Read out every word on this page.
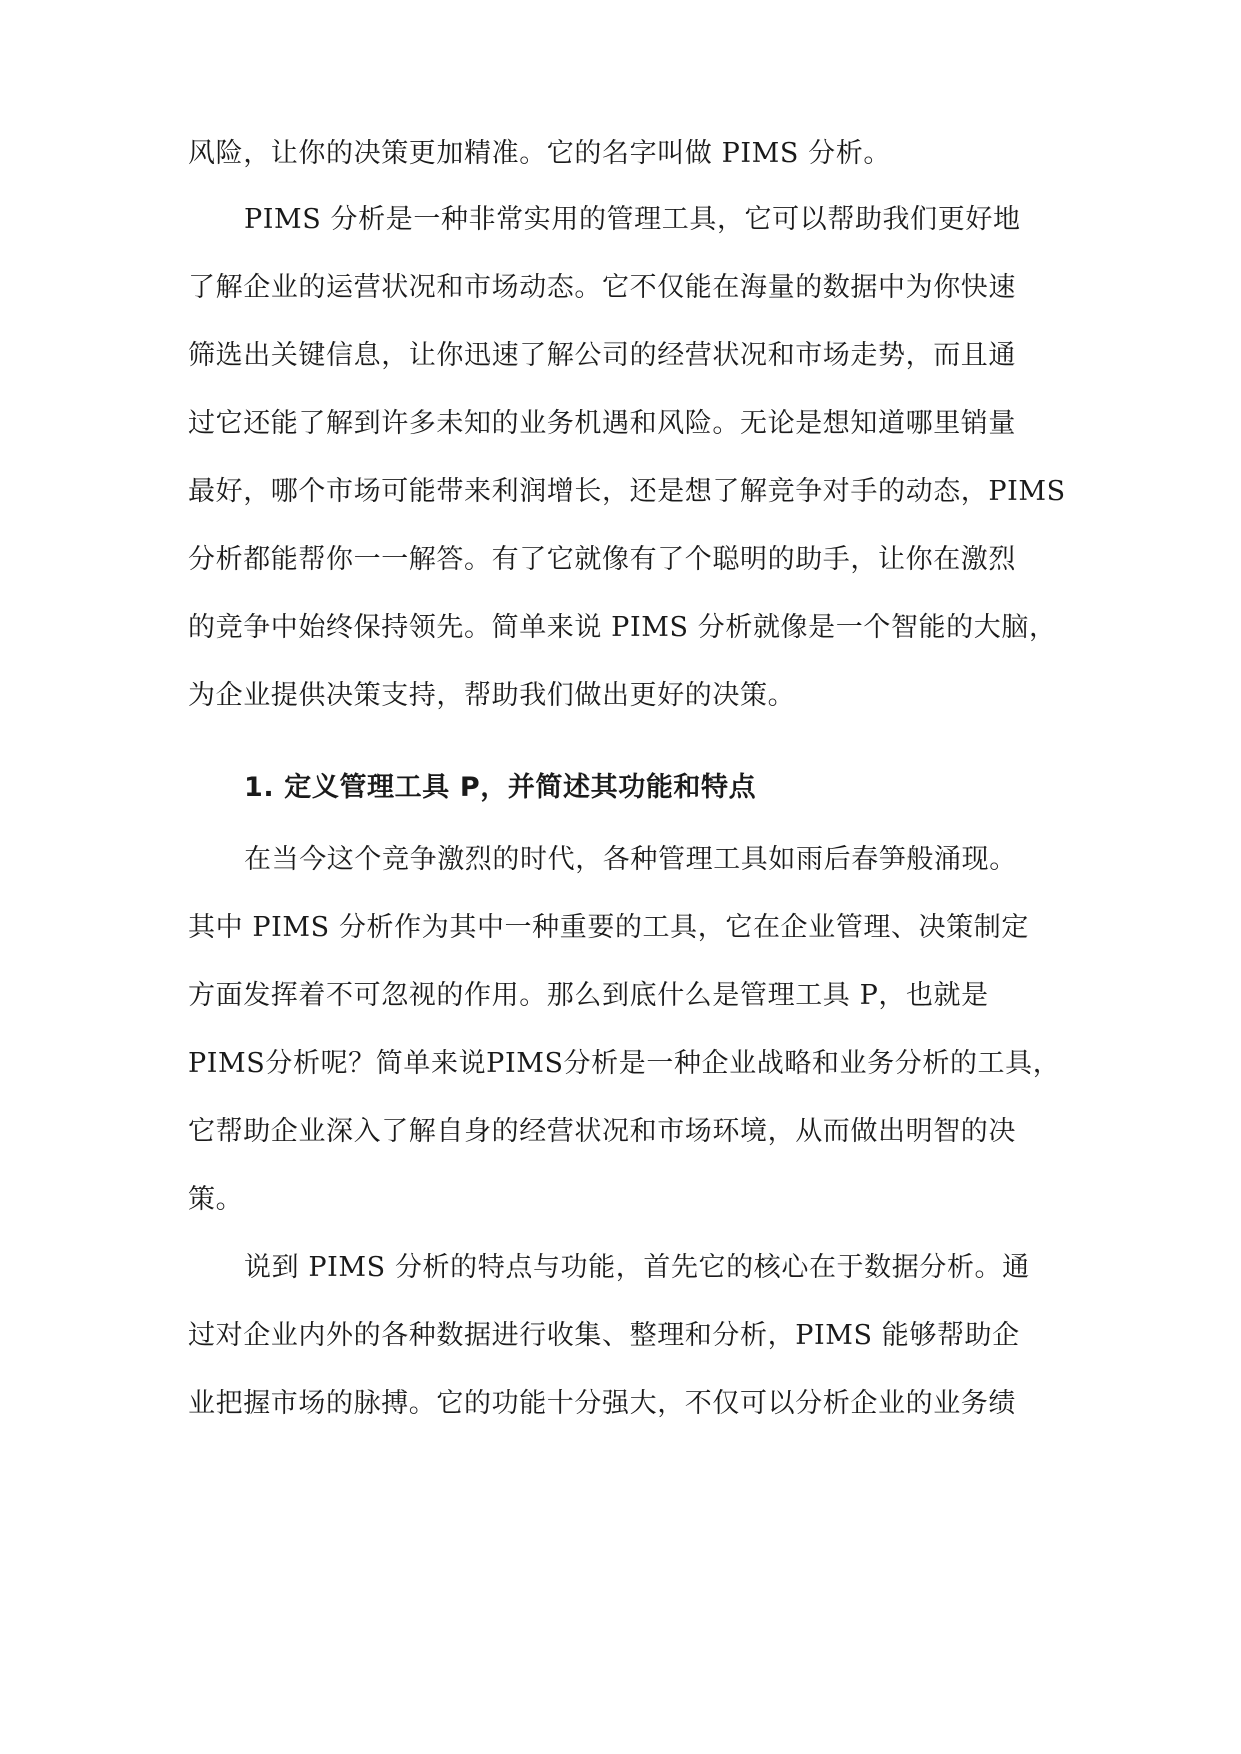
风险，让你的决策更加精准。它的名字叫做 PIMS 分析。
PIMS 分析是一种非常实用的管理工具，它可以帮助我们更好地
了解企业的运营状况和市场动态。它不仅能在海量的数据中为你快速
筛选出关键信息，让你迅速了解公司的经营状况和市场走势，而且通
过它还能了解到许多未知的业务机遇和风险。无论是想知道哪里销量
最好，哪个市场可能带来利润增长，还是想了解竞争对手的动态，PIMS
分析都能帮你一一解答。有了它就像有了个聪明的助手，让你在激烈
的竞争中始终保持领先。简单来说 PIMS 分析就像是一个智能的大脑，
为企业提供决策支持，帮助我们做出更好的决策。
1. 定义管理工具 P，并简述其功能和特点
在当今这个竞争激烈的时代，各种管理工具如雨后春笋般涌现。
其中 PIMS 分析作为其中一种重要的工具，它在企业管理、决策制定
方面发挥着不可忽视的作用。那么到底什么是管理工具 P，也就是
PIMS分析呢？简单来说PIMS分析是一种企业战略和业务分析的工具，
它帮助企业深入了解自身的经营状况和市场环境，从而做出明智的决
策。
说到 PIMS 分析的特点与功能，首先它的核心在于数据分析。通
过对企业内外的各种数据进行收集、整理和分析，PIMS 能够帮助企
业把握市场的脉搏。它的功能十分强大，不仅可以分析企业的业务绩
